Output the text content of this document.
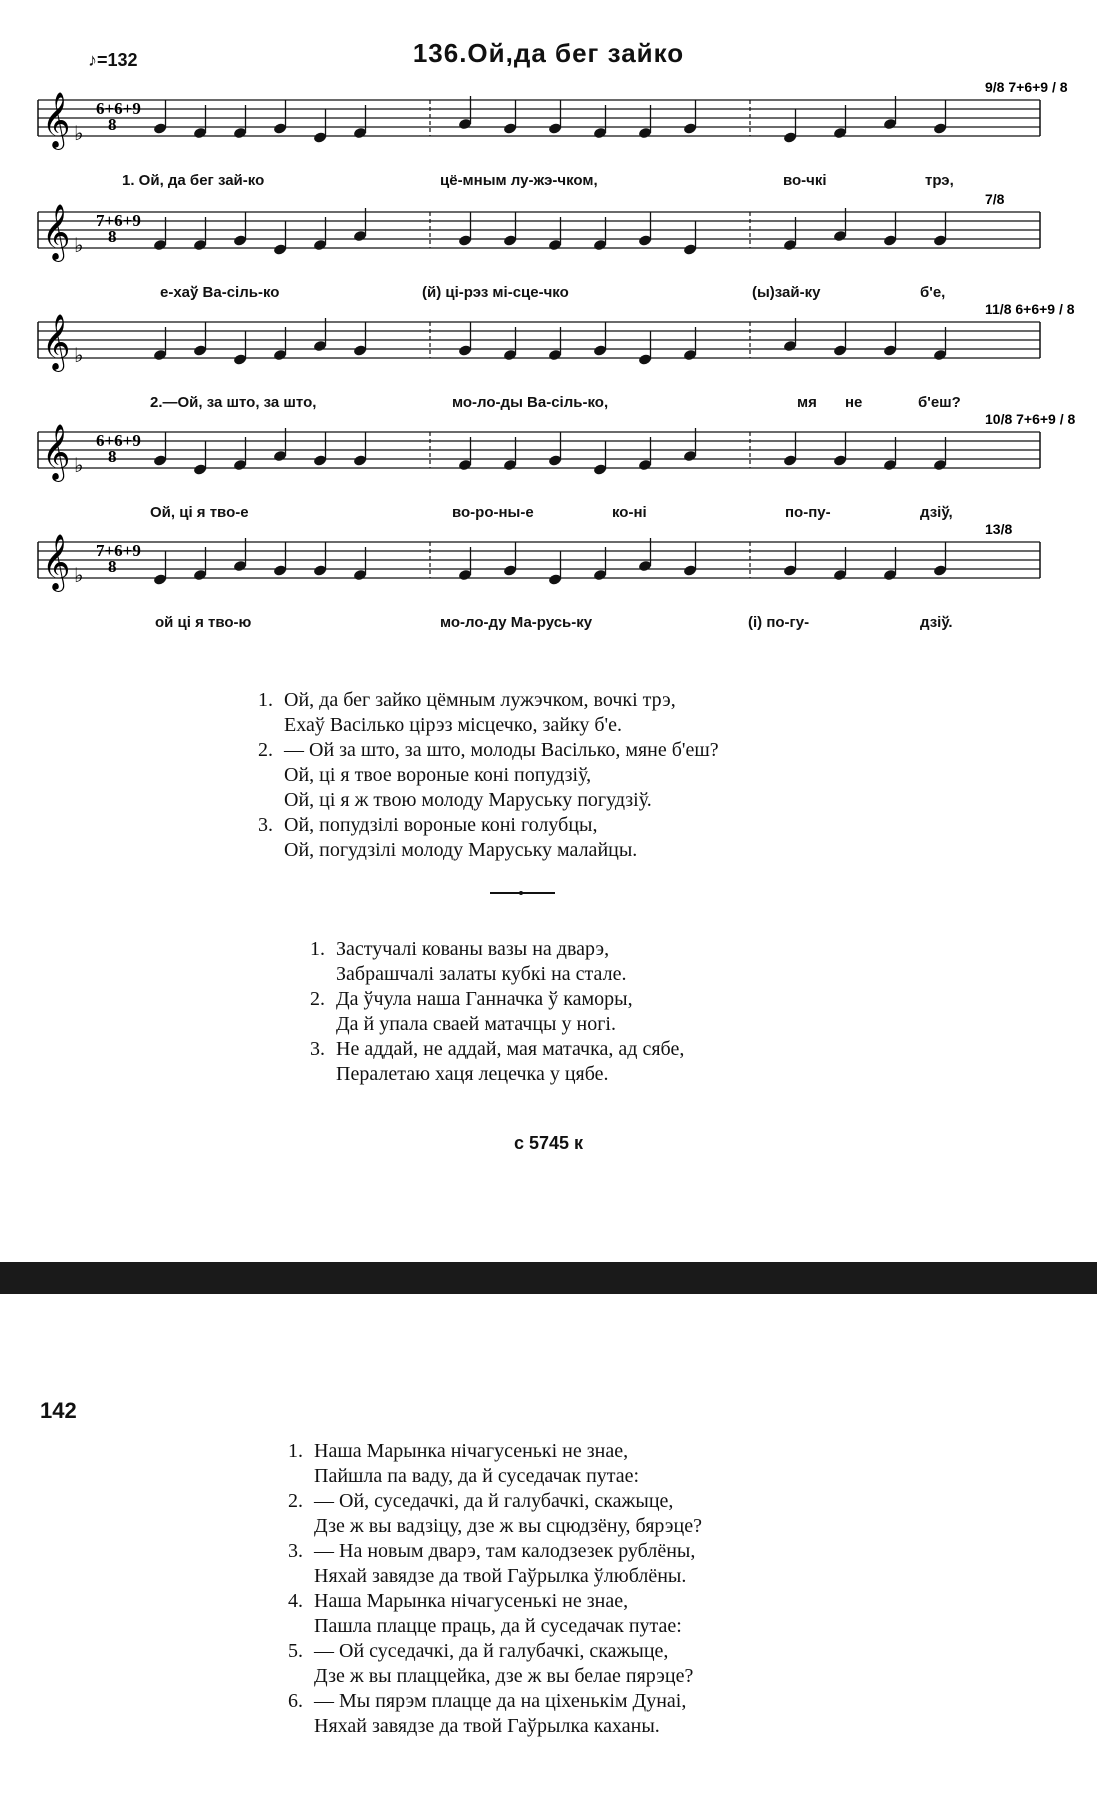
♪=132	136.Ой,да бег зайко
𝄞 ♭
6+6+9
8
9/8 7+6+9 / 8
1. Ой, да бег зай-ко	цё-мным лу-жэ-чком,	во-чкі	трэ,
𝄞 ♭
7+6+9
8
7/8
е-хаў Ва-сіль-ко	(й) ці-рэз мі-сце-чко	(ы)зай-ку	б'е,
𝄞 ♭
11/8 6+6+9 / 8
2.—Ой, за што, за што,	мо-ло-ды Ва-сіль-ко,	мя не	б'еш?
𝄞 ♭
6+6+9
8
10/8 7+6+9 / 8
Ой, ці я тво-е	во-ро-ны-е	ко-ні	по-пу-	дзіў,
𝄞 ♭
7+6+9
8
13/8
ой ці я тво-ю	мо-ло-ду Ма-русь-ку	(і) по-гу-	дзіў.
1. Ой, да бег зайко цёмным лужэчком, вочкі трэ,
Ехаў Васілько цірэз місцечко, зайку б'е.
2. — Ой за што, за што, молоды Васілько, мяне б'еш?
Ой, ці я твое вороные коні попудзіў,
Ой, ці я ж твою молоду Маруську погудзіў.
3. Ой, попудзілі вороные коні голубцы,
Ой, погудзілі молоду Маруську малайцы.
1. Застучалі кованы вазы на дварэ,
Забрашчалі залаты кубкі на стале.
2. Да ўчула наша Ганначка ў каморы,
Да й упала сваей матачцы у ногі.
3. Не аддай, не аддай, мая матачка, ад сябе,
Пералетаю хаця лецечка у цябе.
с 5745 к
142
1. Наша Марынка нічагусенькі не знае,
Пайшла па ваду, да й суседачак путае:
2. — Ой, суседачкі, да й галубачкі, скажыце,
Дзе ж вы вадзіцу, дзе ж вы сцюдзёну, бярэце?
3. — На новым дварэ, там калодзезек рублёны,
Няхай завядзе да твой Гаўрылка ўлюблёны.
4. Наша Марынка нічагусенькі не знае,
Пашла плацце праць, да й суседачак путае:
5. — Ой суседачкі, да й галубачкі, скажыце,
Дзе ж вы плаццейка, дзе ж вы белае пярэце?
6. — Мы пярэм плацце да на ціхенькім Дунаі,
Няхай завядзе да твой Гаўрылка каханы.
